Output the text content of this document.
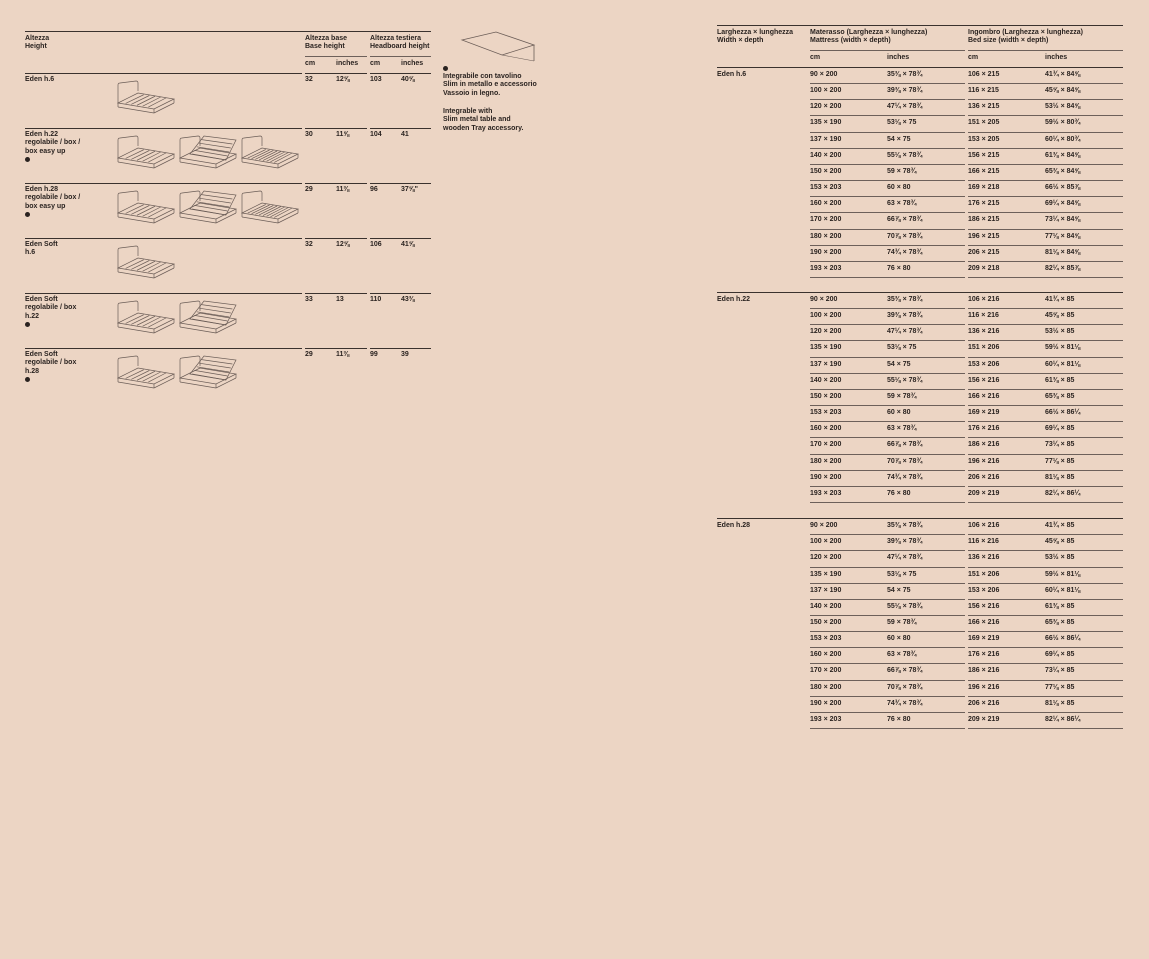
Altezza
Height
Altezza base
Base height
Altezza testiera
Headboard height
cm	inches cm	inches
Eden h.6	32	12⅝	103	40⅝
Eden h.22
regolabile / box /
box easy up
30	11⅝	104	41
Eden h.28
regolabile / box /
box easy up
29	11⅜	96	37⅝"
Eden Soft
h.6
32	12⅝	106	41⅝
Eden Soft
regolabile / box
h.22
33	13	110	43⅜
Eden Soft
regolabile / box
h.28
29	11⅜	99	39
Integrabile con tavolino
Slim in metallo e accessorio
Vassoio in legno.
Integrable with
Slim metal table and
wooden Tray accessory.
Larghezza × lunghezza
Width × depth
Materasso (Larghezza × lunghezza)
Mattress (width × depth)
Ingombro (Larghezza × lunghezza)
Bed size (width × depth)
cm	inches	cm	inches
Eden h.6	90 × 200	35⅜ × 78¾	106 × 215	41¾ × 84⅝
100 × 200	39⅜ × 78¾	116 × 215	45⅝ × 84⅝
120 × 200	47¼ × 78¾	136 × 215	53½ × 84⅝
135 × 190	53⅛ × 75	151 × 205	59½ × 80¾
137 × 190	54 × 75	153 × 205	60¼ × 80¾
140 × 200	55⅛ × 78¾	156 × 215	61⅜ × 84⅝
150 × 200	59 × 78¾	166 × 215	65⅜ × 84⅝
153 × 203	60 × 80	169 × 218	66½ × 85⅞
160 × 200	63 × 78¾	176 × 215	69¼ × 84⅝
170 × 200	66⅞ × 78¾	186 × 215	73¼ × 84⅝
180 × 200	70⅞ × 78¾	196 × 215	77⅛ × 84⅝
190 × 200	74¾ × 78¾	206 × 215	81⅛ × 84⅝
193 × 203	76 × 80	209 × 218	82¼ × 85⅞
Eden h.22	90 × 200	35⅜ × 78¾	106 × 216	41¾ × 85
100 × 200	39⅜ × 78¾	116 × 216	45⅝ × 85
120 × 200	47¼ × 78¾	136 × 216	53½ × 85
135 × 190	53⅛ × 75	151 × 206	59½ × 81⅛
137 × 190	54 × 75	153 × 206	60¼ × 81⅛
140 × 200	55⅛ × 78¾	156 × 216	61⅜ × 85
150 × 200	59 × 78¾	166 × 216	65⅜ × 85
153 × 203	60 × 80	169 × 219	66½ × 86¼
160 × 200	63 × 78¾	176 × 216	69¼ × 85
170 × 200	66⅞ × 78¾	186 × 216	73¼ × 85
180 × 200	70⅞ × 78¾	196 × 216	77⅛ × 85
190 × 200	74¾ × 78¾	206 × 216	81⅛ × 85
193 × 203	76 × 80	209 × 219	82¼ × 86¼
Eden h.28	90 × 200	35⅜ × 78¾	106 × 216	41¾ × 85
100 × 200	39⅜ × 78¾	116 × 216	45⅝ × 85
120 × 200	47¼ × 78¾	136 × 216	53½ × 85
135 × 190	53⅛ × 75	151 × 206	59½ × 81⅛
137 × 190	54 × 75	153 × 206	60¼ × 81⅛
140 × 200	55⅛ × 78¾	156 × 216	61⅜ × 85
150 × 200	59 × 78¾	166 × 216	65⅜ × 85
153 × 203	60 × 80	169 × 219	66½ × 86¼
160 × 200	63 × 78¾	176 × 216	69¼ × 85
170 × 200	66⅞ × 78¾	186 × 216	73¼ × 85
180 × 200	70⅞ × 78¾	196 × 216	77⅛ × 85
190 × 200	74¾ × 78¾	206 × 216	81⅛ × 85
193 × 203	76 × 80	209 × 219	82¼ × 86¼
